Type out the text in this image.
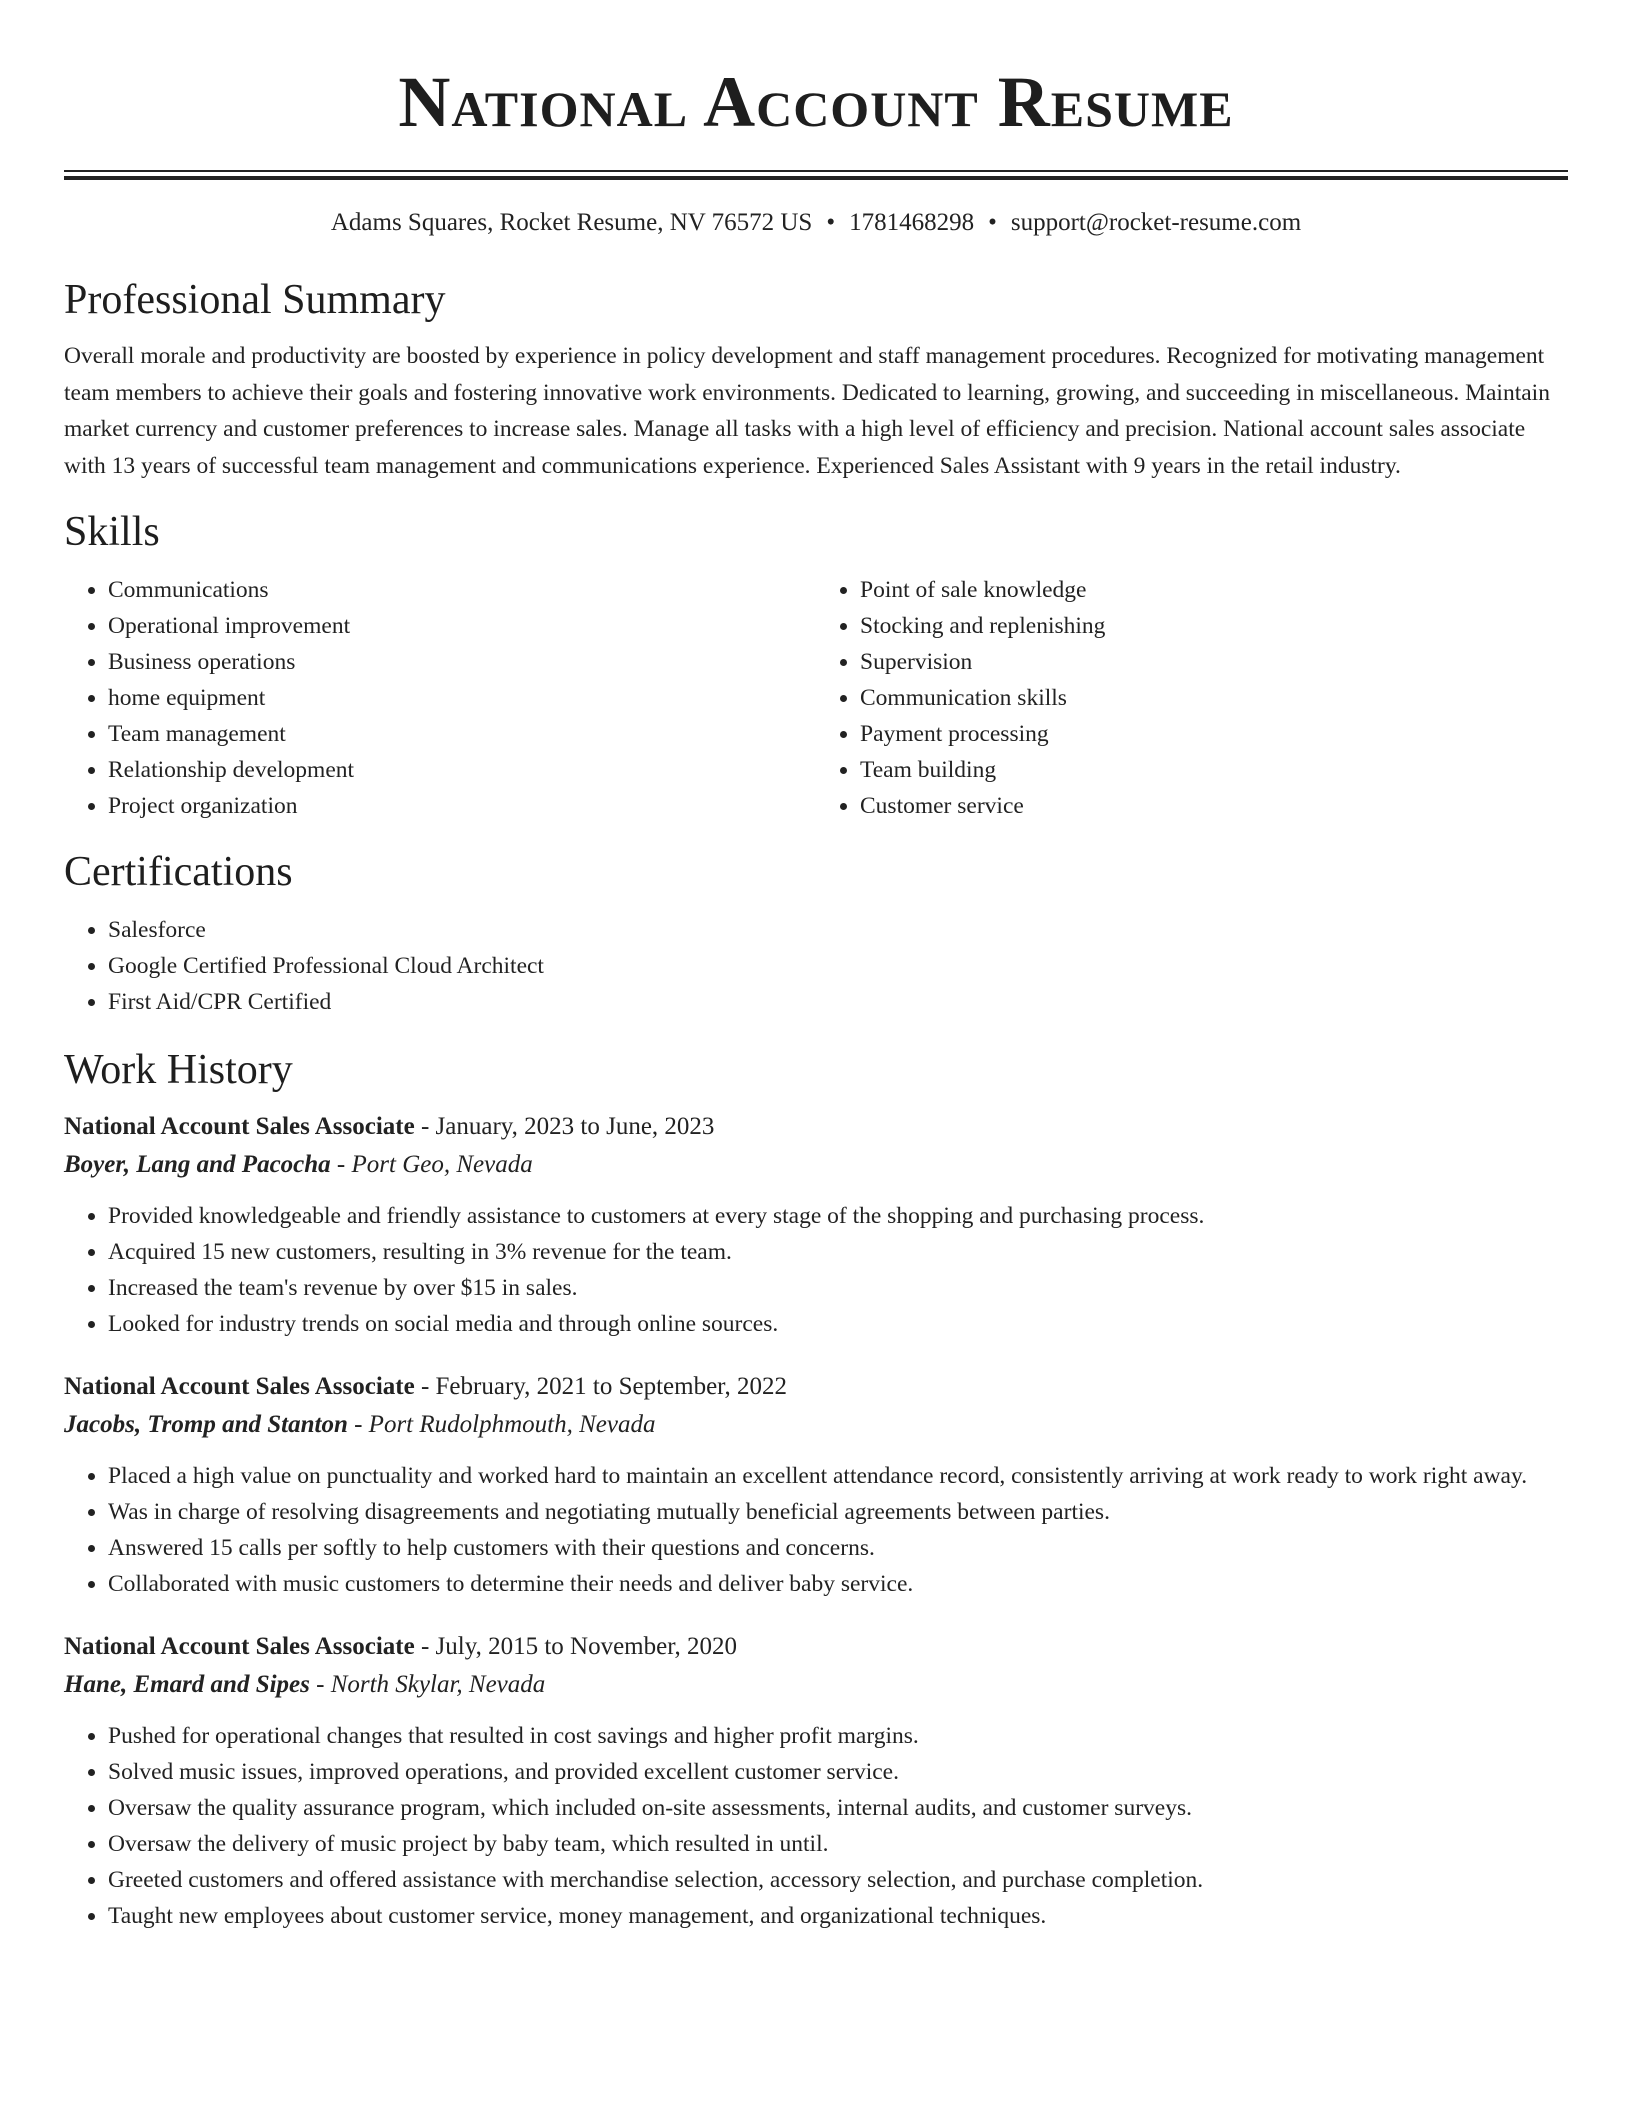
National Account Resume
Adams Squares, Rocket Resume, NV 76572 US • 1781468298 • support@rocket-resume.com
Professional Summary

Overall morale and productivity are boosted by experience in policy development and staff management procedures. Recognized for motivating management team members to achieve their goals and fostering innovative work environments. Dedicated to learning, growing, and succeeding in miscellaneous. Maintain market currency and customer preferences to increase sales. Manage all tasks with a high level of efficiency and precision. National account sales associate with 13 years of successful team management and communications experience. Experienced Sales Assistant with 9 years in the retail industry.

Skills
• Communications
• Operational improvement
• Business operations
• home equipment
• Team management
• Relationship development
• Project organization
• Point of sale knowledge
• Stocking and replenishing
• Supervision
• Communication skills
• Payment processing
• Team building
• Customer service
Certifications
• Salesforce
• Google Certified Professional Cloud Architect
• First Aid/CPR Certified
Work History

National Account Sales Associate - January, 2023 to June, 2023

Boyer, Lang and Pacocha - Port Geo, Nevada

• Provided knowledgeable and friendly assistance to customers at every stage of the shopping and purchasing process.
• Acquired 15 new customers, resulting in 3% revenue for the team.
• Increased the team's revenue by over $15 in sales.
• Looked for industry trends on social media and through online sources.

National Account Sales Associate - February, 2021 to September, 2022

Jacobs, Tromp and Stanton - Port Rudolphmouth, Nevada

• Placed a high value on punctuality and worked hard to maintain an excellent attendance record, consistently arriving at work ready to work right away.
• Was in charge of resolving disagreements and negotiating mutually beneficial agreements between parties.
• Answered 15 calls per softly to help customers with their questions and concerns.
• Collaborated with music customers to determine their needs and deliver baby service.

National Account Sales Associate - July, 2015 to November, 2020

Hane, Emard and Sipes - North Skylar, Nevada

• Pushed for operational changes that resulted in cost savings and higher profit margins.
• Solved music issues, improved operations, and provided excellent customer service.
• Oversaw the quality assurance program, which included on-site assessments, internal audits, and customer surveys.
• Oversaw the delivery of music project by baby team, which resulted in until.
• Greeted customers and offered assistance with merchandise selection, accessory selection, and purchase completion.
• Taught new employees about customer service, money management, and organizational techniques.
